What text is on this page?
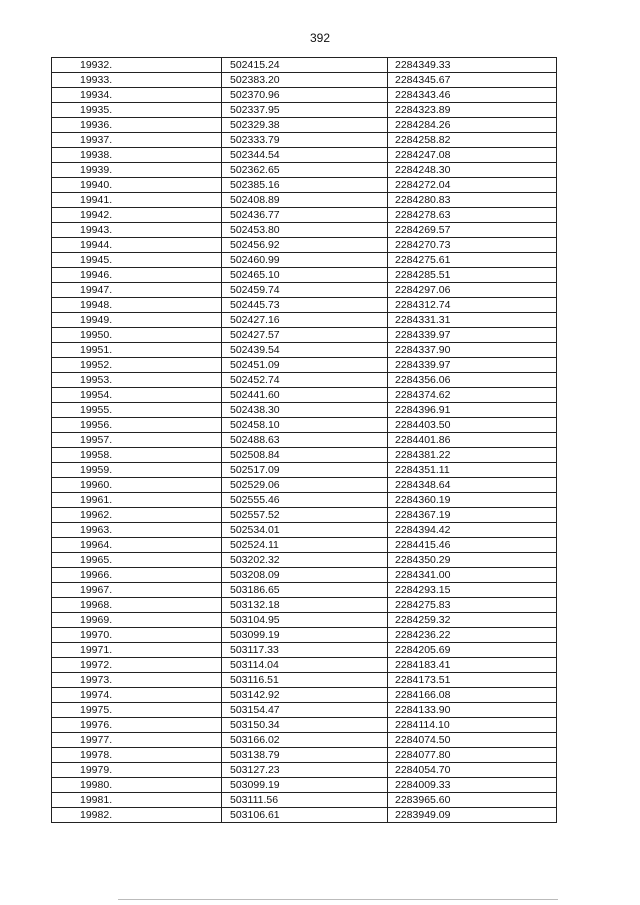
392
19932.	502415.24	2284349.33
19933.	502383.20	2284345.67
19934.	502370.96	2284343.46
19935.	502337.95	2284323.89
19936.	502329.38	2284284.26
19937.	502333.79	2284258.82
19938.	502344.54	2284247.08
19939.	502362.65	2284248.30
19940.	502385.16	2284272.04
19941.	502408.89	2284280.83
19942.	502436.77	2284278.63
19943.	502453.80	2284269.57
19944.	502456.92	2284270.73
19945.	502460.99	2284275.61
19946.	502465.10	2284285.51
19947.	502459.74	2284297.06
19948.	502445.73	2284312.74
19949.	502427.16	2284331.31
19950.	502427.57	2284339.97
19951.	502439.54	2284337.90
19952.	502451.09	2284339.97
19953.	502452.74	2284356.06
19954.	502441.60	2284374.62
19955.	502438.30	2284396.91
19956.	502458.10	2284403.50
19957.	502488.63	2284401.86
19958.	502508.84	2284381.22
19959.	502517.09	2284351.11
19960.	502529.06	2284348.64
19961.	502555.46	2284360.19
19962.	502557.52	2284367.19
19963.	502534.01	2284394.42
19964.	502524.11	2284415.46
19965.	503202.32	2284350.29
19966.	503208.09	2284341.00
19967.	503186.65	2284293.15
19968.	503132.18	2284275.83
19969.	503104.95	2284259.32
19970.	503099.19	2284236.22
19971.	503117.33	2284205.69
19972.	503114.04	2284183.41
19973.	503116.51	2284173.51
19974.	503142.92	2284166.08
19975.	503154.47	2284133.90
19976.	503150.34	2284114.10
19977.	503166.02	2284074.50
19978.	503138.79	2284077.80
19979.	503127.23	2284054.70
19980.	503099.19	2284009.33
19981.	503111.56	2283965.60
19982.	503106.61	2283949.09
